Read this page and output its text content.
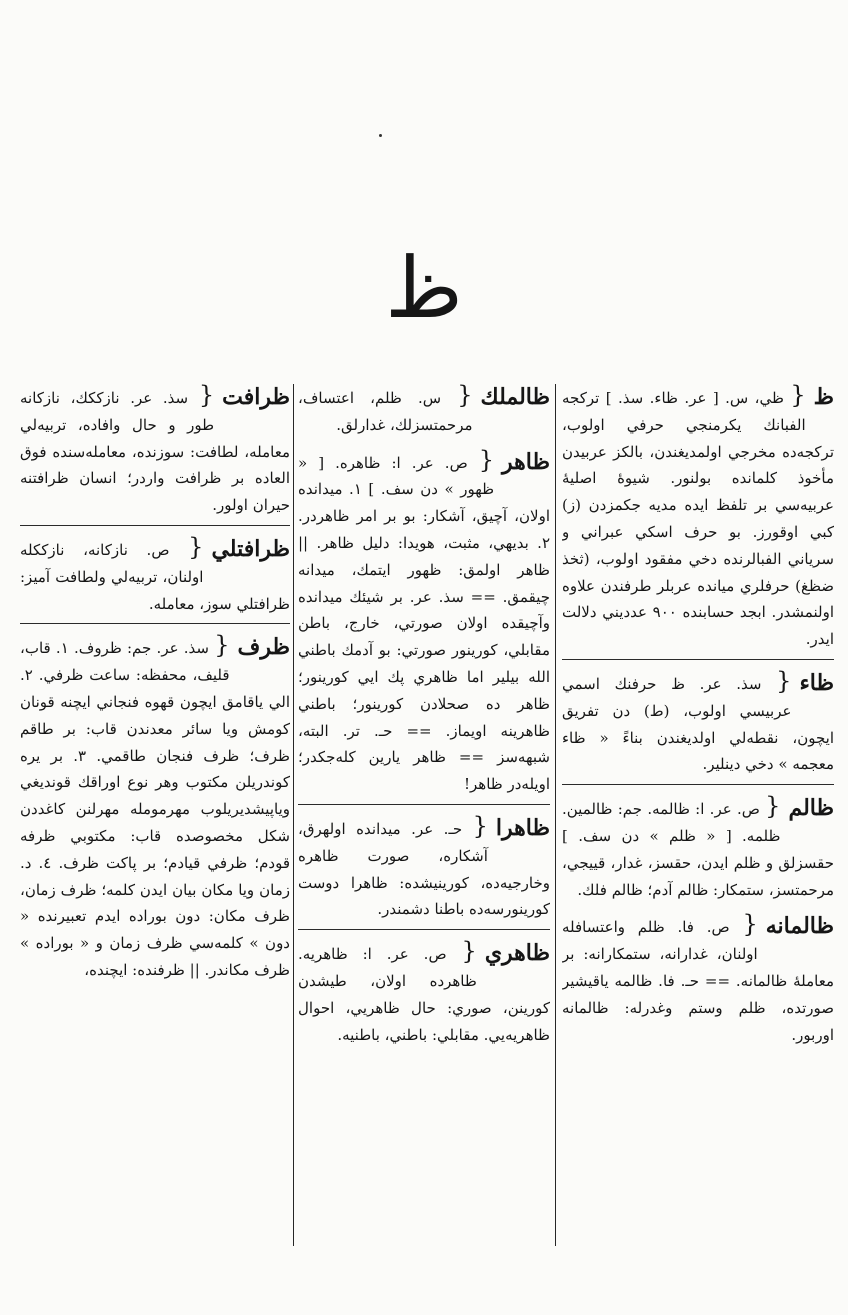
ظ
ظ
{ ظي، س. [ عر. ظاء. سذ. ] تركجه الفبانك يكرمنجي حرفي اولوب، تركجه‌ده مخرجي اولمديغندن، بالكز عربيدن مأخوذ كلمانده بولنور. شيوۀ اصليۀ عربيه‌سي بر تلفظ ايده مديه جكمزدن (ز) كبي اوقورز. بو حرف اسكي عبراني و سرياني الفبالرنده دخي مفقود اولوب، (ثخذ ضظغ) حرفلري ميانده عربلر طرفندن علاوه اولنمشدر. ابجد حسابنده ٩٠٠ عدديني دلالت ايدر.
ظاء
{ سذ. عر. ظ حرفنك اسمي عربيسي اولوب، (ط) دن تفريق ايچون، نقطه‌لي اولديغندن بناءً « ظاء معجمه » دخي دينلير.
ظالم
{ ص. عر. ا: ظالمه. جم: ظالمين. ظلمه. [ « ظلم » دن سف. ] حقسزلق و ظلم ايدن، حقسز، غدار، قييجي، مرحمتسز، ستمكار: ظالم آدم؛ ظالم فلك.
ظالمانه
{ ص. فا. ظلم واعتسافله اولنان، غدارانه، ستمكارانه: بر معاملۀ ظالمانه. == حـ. فا. ظالمه ياقيشير صورتده، ظلم وستم وغدرله: ظالمانه اوربور.
ظالملك
{ س. ظلم، اعتساف، مرحمتسزلك، غدارلق.
ظاهر
{ ص. عر. ا: ظاهره. [ « ظهور » دن سف. ] ١. ميدانده اولان، آچيق، آشكار: بو بر امر ظاهردر. ٢. بديهي، مثبت، هويدا: دليل ظاهر. || ظاهر اولمق: ظهور ايتمك، ميدانه چيقمق. == سذ. عر. بر شيئك ميدانده وآچيقده اولان صورتي، خارج، باطن مقابلي، كورينور صورتي: بو آدمك باطني الله بيلير اما ظاهري پك ايي كورينور؛ ظاهر ده صحلادن كورينور؛ باطني ظاهرينه اويماز. == حـ. تر. البته، شبهه‌سز == ظاهر يارين كله‌جكدر؛ اويله‌در ظاهر!
ظاهرا
{ حـ. عر. ميدانده اولهرق، آشكاره، صورت ظاهره وخارجيه‌ده، كورينيشده: ظاهرا دوست كورينورسه‌ده باطنا دشمندر.
ظاهري
{ ص. عر. ا: ظاهريه. ظاهرده اولان، طيشدن كورينن، صوري: حال ظاهريي، احوال ظاهريه‌يي. مقابلي: باطني، باطنيه.
ظرافت
{ سذ. عر. نازككك، نازكانه طور و حال وافاده، تربيه‌لي معامله، لطافت: سوزنده، معامله‌سنده فوق العاده بر ظرافت واردر؛ انسان ظرافتنه حيران اولور.
ظرافتلي
{ ص. نازكانه، نازككله اولنان، تربيه‌لي ولطافت آميز: ظرافتلي سوز، معامله.
ظرف
{ سذ. عر. جم: ظروف. ١. قاب، قليف، محفظه: ساعت ظرفي. ٢. الي ياقامق ايچون قهوه فنجاني ايچنه قونان كومش ويا سائر معدندن قاب: بر طاقم ظرف؛ ظرف فنجان طاقمي. ٣. بر يره كوندريلن مكتوب وهر نوع اوراقك قونديغي وياپيشديريلوب مهرمومله مهرلنن كاغددن شكل مخصوصده قاب: مكتوبي ظرفه قودم؛ ظرفي قيادم؛ بر پاكت ظرف. ٤. د. زمان ويا مكان بيان ايدن كلمه؛ ظرف زمان، ظرف مكان: دون بوراده ايدم تعبيرنده « دون » كلمه‌سي ظرف زمان و « بوراده » ظرف مكاندر. || ظرفنده: ايچنده،
